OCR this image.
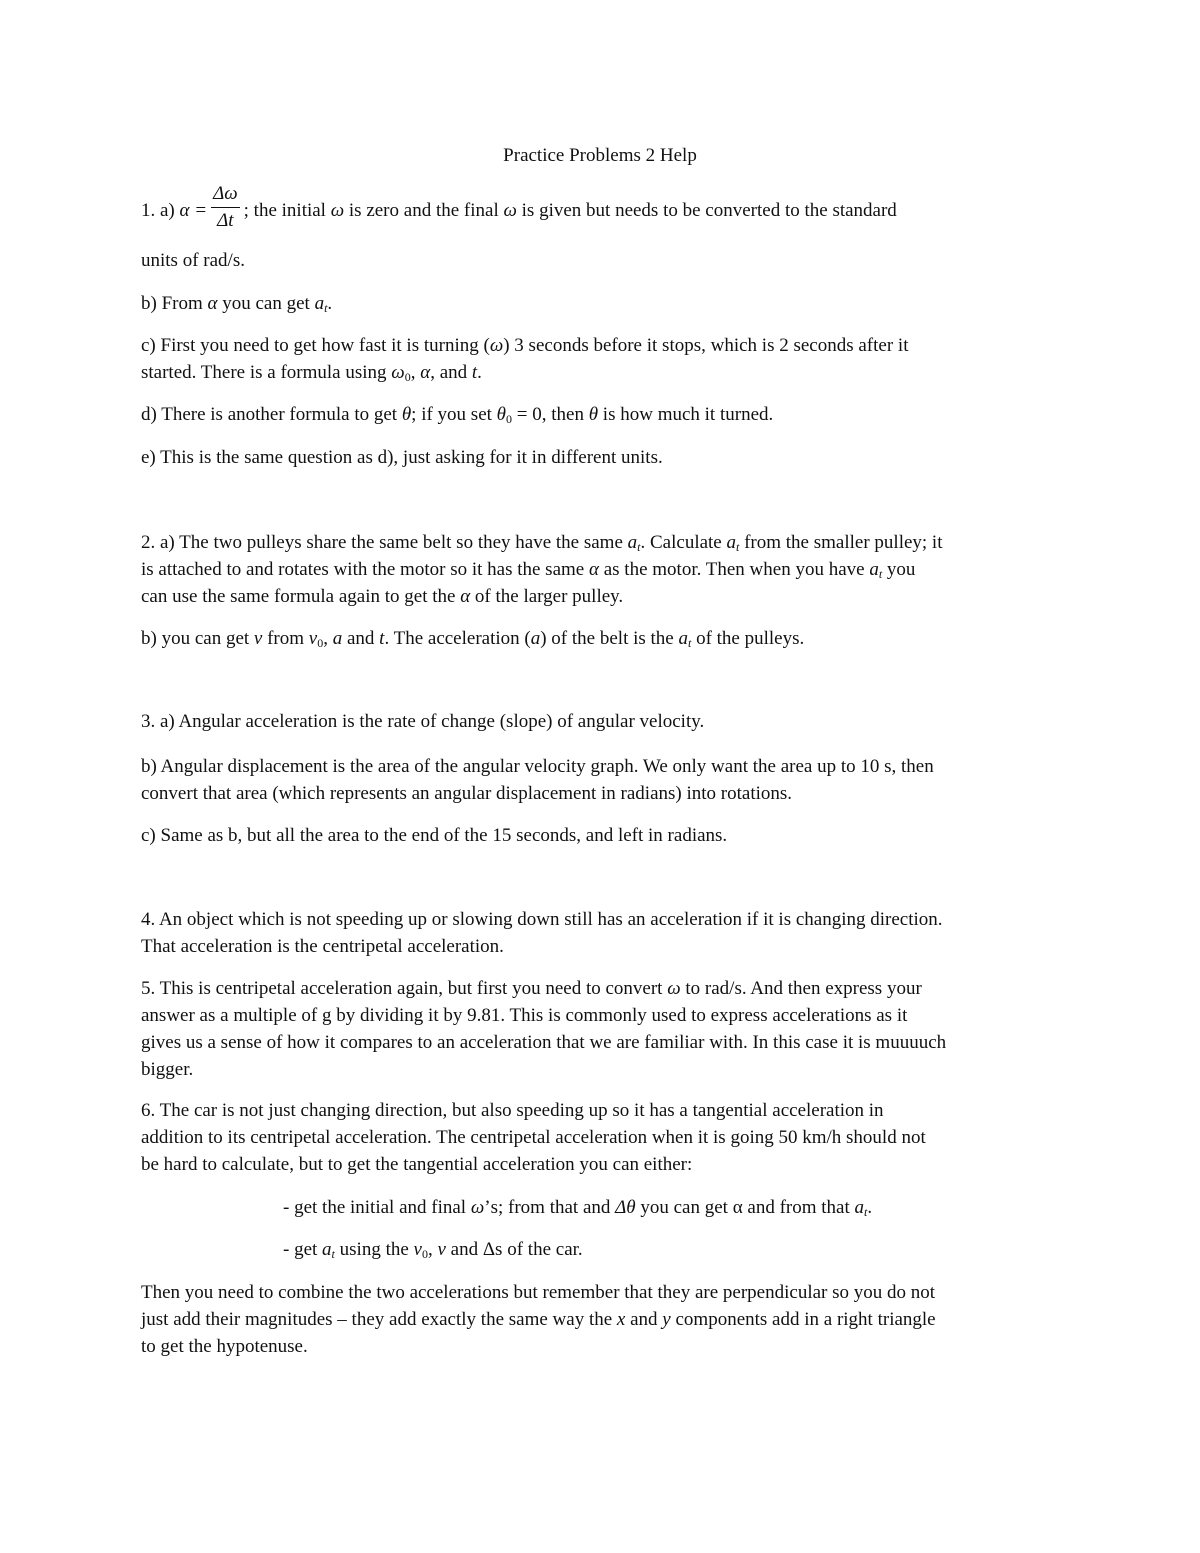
Practice Problems 2 Help

1. a) $\alpha = \frac{\Delta\omega}{\Delta t}$ ; the initial ω is zero and the final ω is given but needs to be converted to the standard

units of rad/s.

b) From α you can get $a_t$.

c) First you need to get how fast it is turning (ω) 3 seconds before it stops, which is 2 seconds after it
started. There is a formula using $\omega_0$, α, and t.

d) There is another formula to get θ; if you set $\theta_0 = 0$, then θ is how much it turned.

e) This is the same question as d), just asking for it in different units.

2. a) The two pulleys share the same belt so they have the same $a_t$. Calculate $a_t$ from the smaller pulley; it
is attached to and rotates with the motor so it has the same α as the motor. Then when you have $a_t$ you
can use the same formula again to get the α of the larger pulley.

b) you can get v from $v_0$, a and t. The acceleration (a) of the belt is the $a_t$ of the pulleys.

3. a) Angular acceleration is the rate of change (slope) of angular velocity.

b) Angular displacement is the area of the angular velocity graph. We only want the area up to 10 s, then
convert that area (which represents an angular displacement in radians) into rotations.

c) Same as b, but all the area to the end of the 15 seconds, and left in radians.

4. An object which is not speeding up or slowing down still has an acceleration if it is changing direction.
That acceleration is the centripetal acceleration.

5. This is centripetal acceleration again, but first you need to convert ω to rad/s. And then express your
answer as a multiple of g by dividing it by 9.81. This is commonly used to express accelerations as it
gives us a sense of how it compares to an acceleration that we are familiar with. In this case it is muuuuch
bigger.

6. The car is not just changing direction, but also speeding up so it has a tangential acceleration in
addition to its centripetal acceleration. The centripetal acceleration when it is going 50 km/h should not
be hard to calculate, but to get the tangential acceleration you can either:

- get the initial and final ω’s; from that and Δθ you can get α and from that $a_t$.

- get $a_t$ using the $v_0$, v and Δs of the car.

Then you need to combine the two accelerations but remember that they are perpendicular so you do not
just add their magnitudes – they add exactly the same way the x and y components add in a right triangle
to get the hypotenuse.
